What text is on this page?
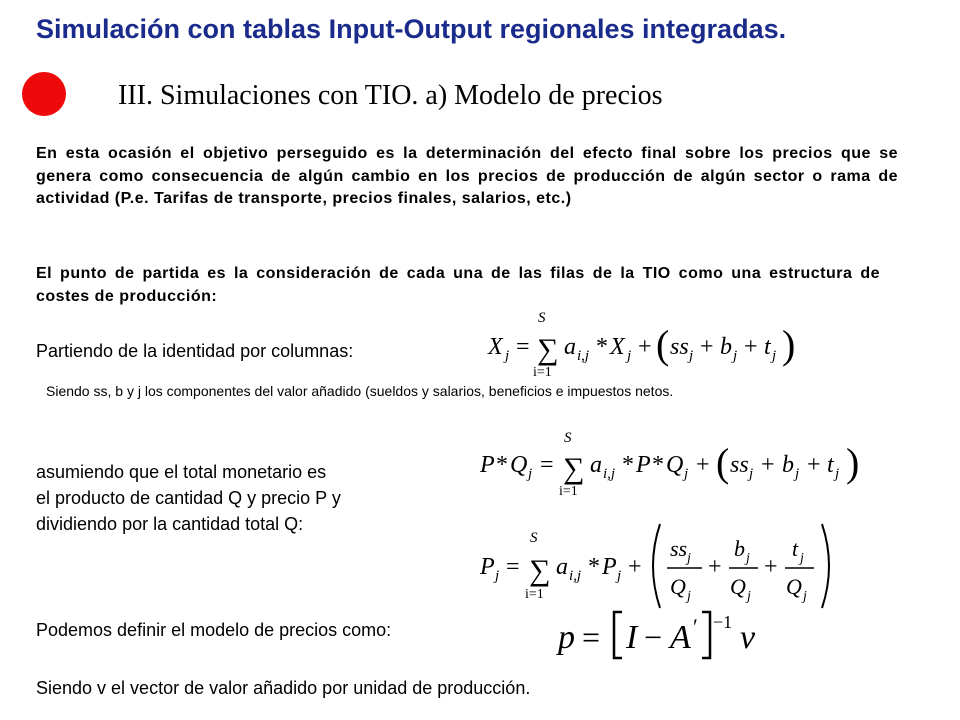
Simulación con tablas Input-Output regionales integradas.
III. Simulaciones con TIO. a) Modelo de precios
En esta ocasión el objetivo perseguido es la determinación del efecto final sobre los precios que se genera como consecuencia de algún cambio en los precios de producción de algún sector o rama de actividad (P.e. Tarifas de transporte, precios finales, salarios, etc.)
El punto de partida es la consideración de cada una de las filas de la TIO como una estructura de costes de producción:
Partiendo de la identidad por columnas:
Siendo ss, b y j los componentes del valor añadido (sueldos y salarios, beneficios e impuestos netos.
asumiendo que el total monetario es
el producto de cantidad Q y precio P y
dividiendo por la cantidad total Q:
Podemos definir el modelo de precios como:
Siendo v el vector de valor añadido por unidad de producción.
X j =
S
∑
i=1
a i,j * X j + ( ss j + b j + t j )
P * Q j =
S
∑
i=1
a i,j * P * Q j + ( ss j + b j + t j )
P j =
S
∑
i=1
a i,j * P j +
ss j
Q j
+
b j
Q j
+
t j
Q j
p = I − A ′ −1 v
